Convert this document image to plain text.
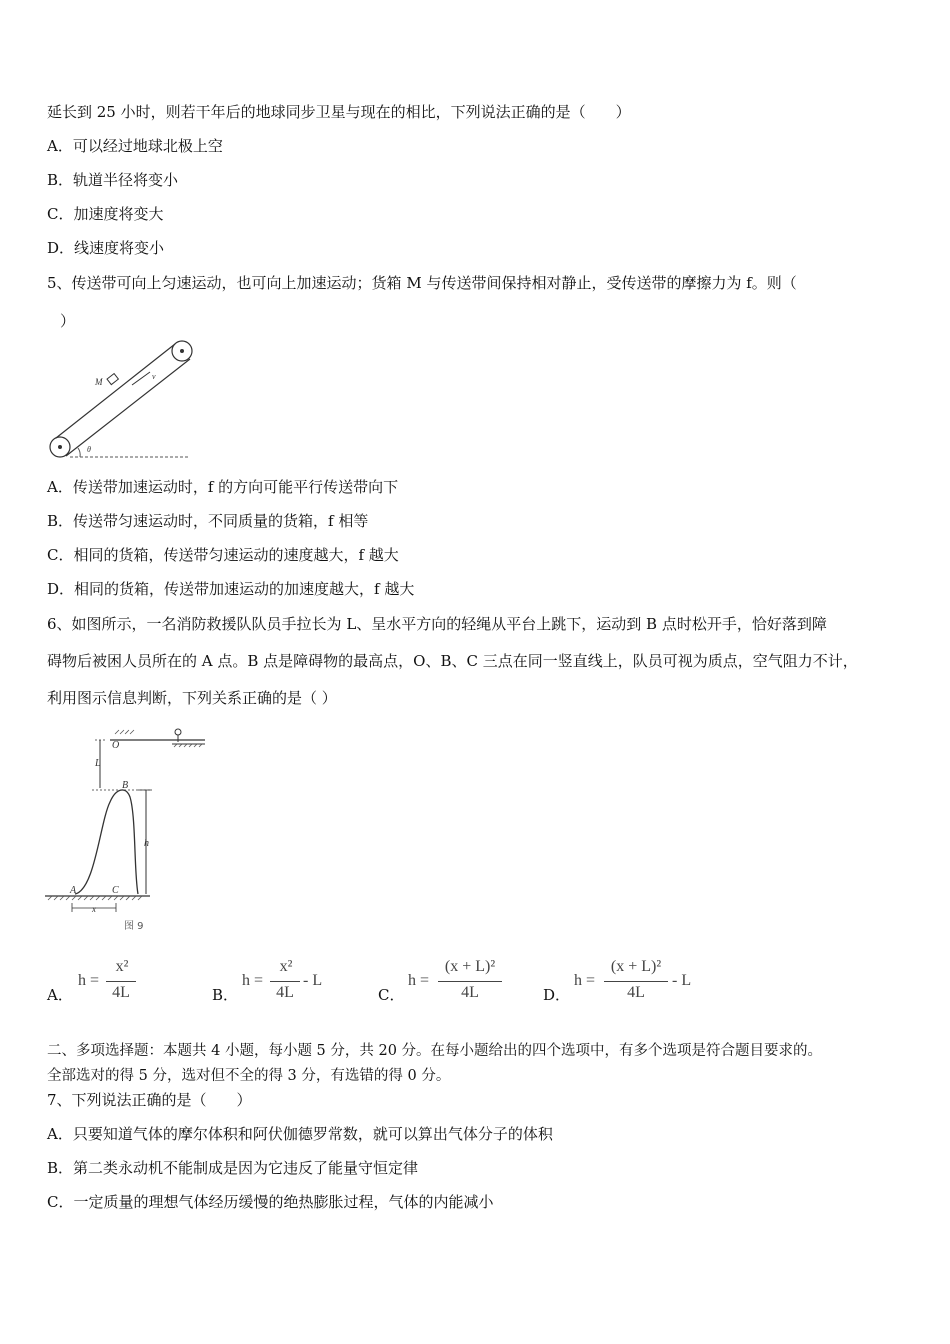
延长到 25 小时，则若干年后的地球同步卫星与现在的相比，下列说法正确的是（　　）
A．可以经过地球北极上空
B．轨道半径将变小
C．加速度将变大
D．线速度将变小
5、传送带可向上匀速运动，也可向上加速运动；货箱 M 与传送带间保持相对静止，受传送带的摩擦力为 f。则（
）
M
v
θ
A．传送带加速运动时，f 的方向可能平行传送带向下
B．传送带匀速运动时，不同质量的货箱，f 相等
C．相同的货箱，传送带匀速运动的速度越大，f 越大
D．相同的货箱，传送带加速运动的加速度越大，f 越大
6、如图所示，一名消防救援队队员手拉长为 L、呈水平方向的轻绳从平台上跳下，运动到 B 点时松开手，恰好落到障
碍物后被困人员所在的 A 点。B 点是障碍物的最高点，O、B、C 三点在同一竖直线上，队员可视为质点，空气阻力不计，
利用图示信息判断，下列关系正确的是（ ）
O
L
B
h
A	C
x
图 9
A．
h =
x²
4L	B．
h =
x²
4L
- L
C．
h =
(x + L)²
4L	D．
h =
(x + L)²
4L
- L
二、多项选择题：本题共 4 小题，每小题 5 分，共 20 分。在每小题给出的四个选项中，有多个选项是符合题目要求的。
全部选对的得 5 分，选对但不全的得 3 分，有选错的得 0 分。
7、下列说法正确的是（　　）
A．只要知道气体的摩尔体积和阿伏伽德罗常数，就可以算出气体分子的体积
B．第二类永动机不能制成是因为它违反了能量守恒定律
C．一定质量的理想气体经历缓慢的绝热膨胀过程，气体的内能减小
